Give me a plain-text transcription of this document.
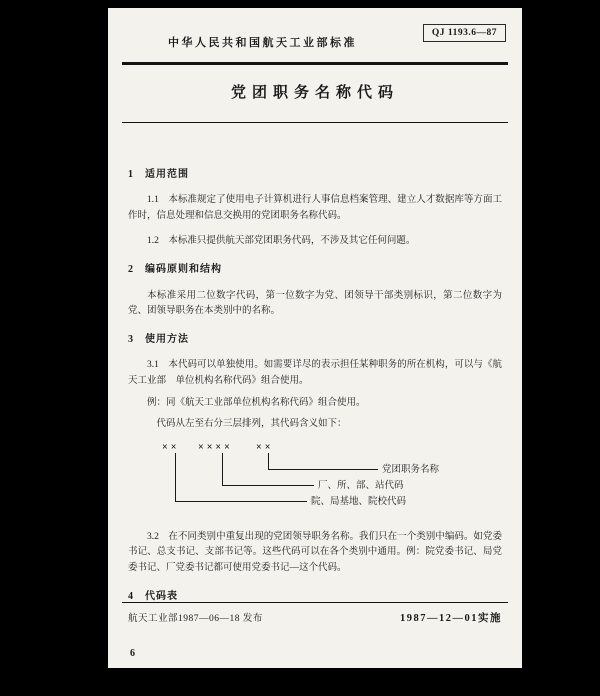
中华人民共和国航天工业部标准
QJ 1193.6—87
党团职务名称代码
1　适用范围

1.1　本标准规定了使用电子计算机进行人事信息档案管理、建立人才数据库等方面工作时，信息处理和信息交换用的党团职务名称代码。

1.2　本标准只提供航天部党团职务代码，不涉及其它任何问题。

2　编码原则和结构

本标准采用二位数字代码，第一位数字为党、团领导干部类别标识，第二位数字为党、团领导职务在本类别中的名称。

3　使用方法

3.1　本代码可以单独使用。如需要详尽的表示担任某种职务的所在机构，可以与《航天工业部　单位机构名称代码》组合使用。

例：同《航天工业部单位机构名称代码》组合使用。

代码从左至右分三层排列，其代码含义如下：

×× ×××× ××
党团职务名称
厂、所、部、站代码
院、局基地、院校代码

3.2　在不同类别中重复出现的党团领导职务名称。我们只在一个类别中编码。如党委书记、总支书记、支部书记等。这些代码可以在各个类别中通用。例：院党委书记、局党委书记、厂党委书记都可使用党委书记—这个代码。

4　代码表
航天工业部1987—06—18 发布	1987—12—01实施
6
